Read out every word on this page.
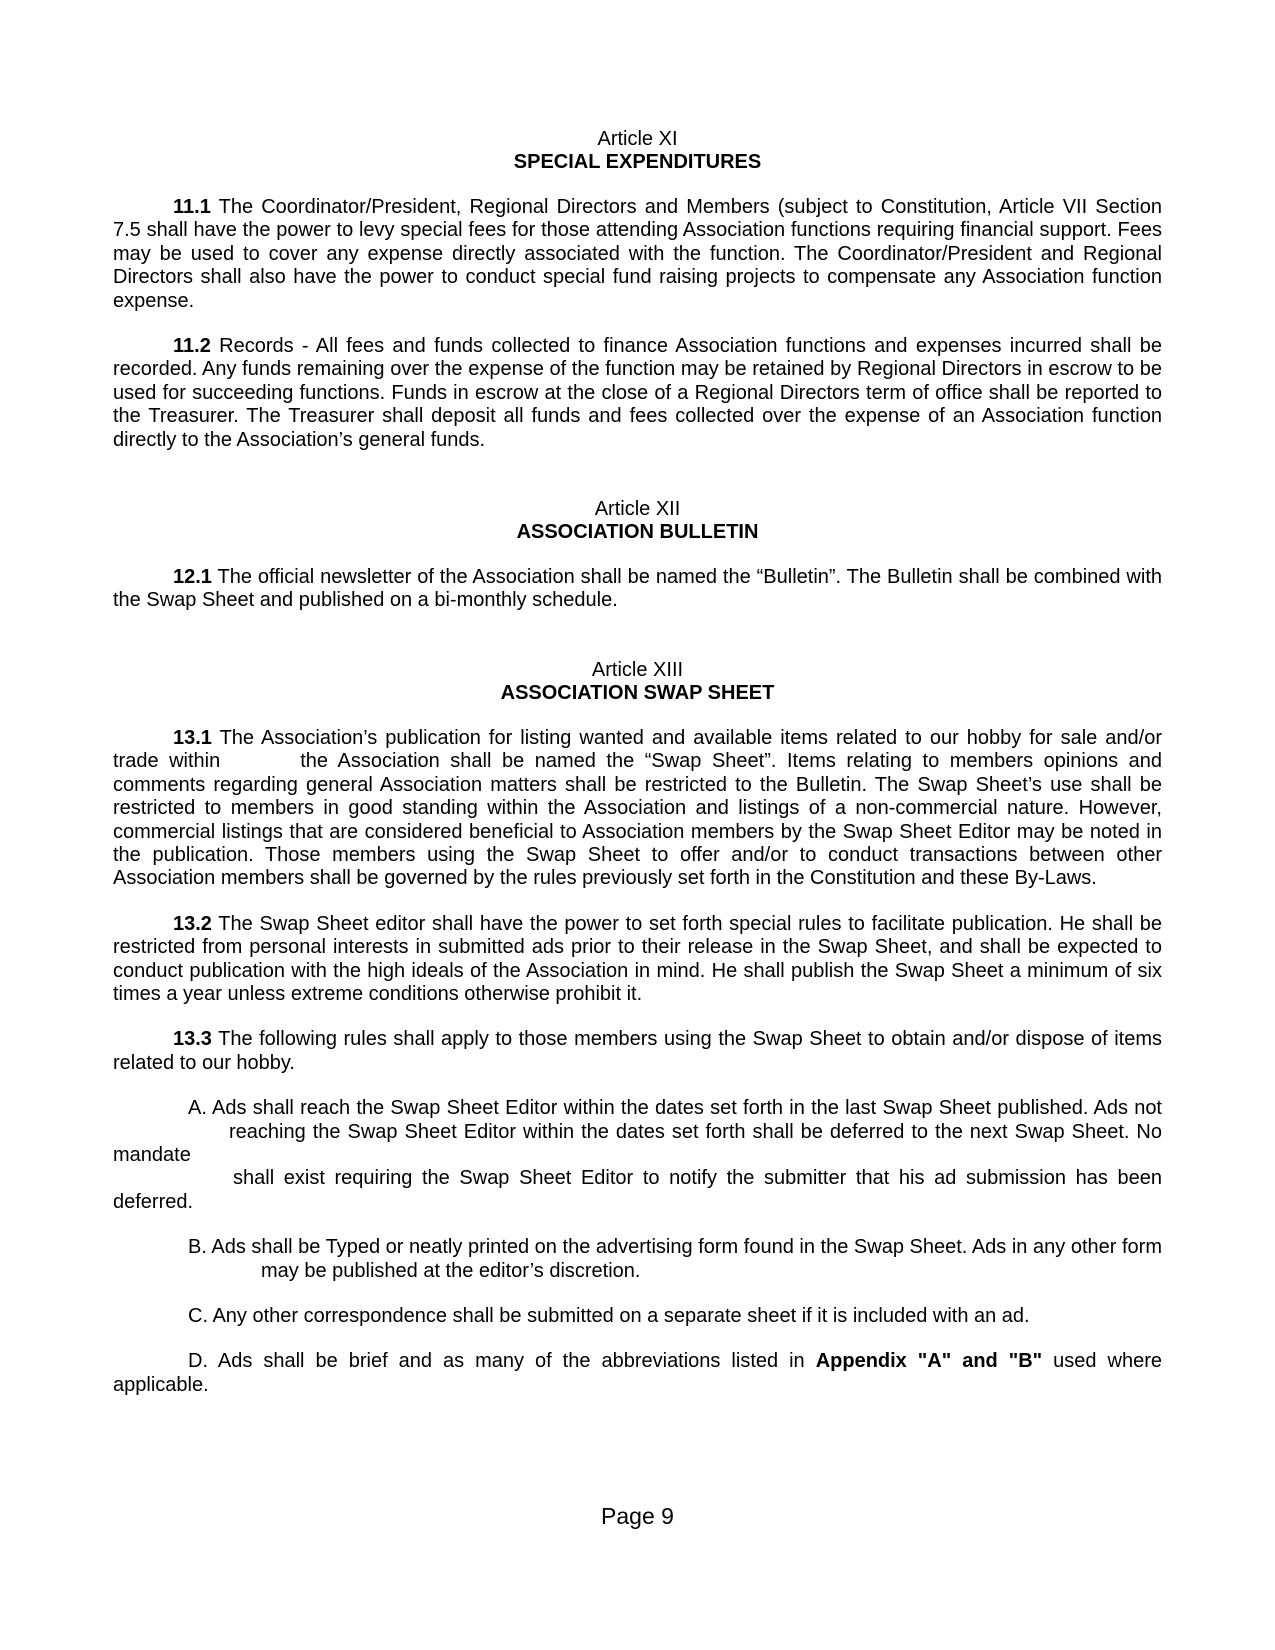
Article XI
SPECIAL EXPENDITURES

11.1 The Coordinator/President, Regional Directors and Members (subject to Constitution, Article VII Section 7.5 shall have the power to levy special fees for those attending Association functions requiring financial support. Fees may be used to cover any expense directly associated with the function. The Coordinator/President and Regional Directors shall also have the power to conduct special fund raising projects to compensate any Association function expense.

11.2 Records - All fees and funds collected to finance Association functions and expenses incurred shall be recorded. Any funds remaining over the expense of the function may be retained by Regional Directors in escrow to be used for succeeding functions. Funds in escrow at the close of a Regional Directors term of office shall be reported to the Treasurer. The Treasurer shall deposit all funds and fees collected over the expense of an Association function directly to the Association’s general funds.

Article XII
ASSOCIATION BULLETIN

12.1 The official newsletter of the Association shall be named the “Bulletin”. The Bulletin shall be combined with the Swap Sheet and published on a bi-monthly schedule.

Article XIII
ASSOCIATION SWAP SHEET

13.1 The Association’s publication for listing wanted and available items related to our hobby for sale and/or trade within	the Association shall be named the “Swap Sheet”. Items relating to members opinions and comments regarding general Association matters shall be restricted to the Bulletin. The Swap Sheet’s use shall be restricted to members in good standing within the Association and listings of a non-commercial nature. However, commercial listings that are considered beneficial to Association members by the Swap Sheet Editor may be noted in the publication. Those members using the Swap Sheet to offer and/or to conduct transactions between other Association members shall be governed by the rules previously set forth in the Constitution and these By-Laws.

13.2 The Swap Sheet editor shall have the power to set forth special rules to facilitate publication. He shall be restricted from personal interests in submitted ads prior to their release in the Swap Sheet, and shall be expected to conduct publication with the high ideals of the Association in mind. He shall publish the Swap Sheet a minimum of six times a year unless extreme conditions otherwise prohibit it.

13.3 The following rules shall apply to those members using the Swap Sheet to obtain and/or dispose of items related to our hobby.

A. Ads shall reach the Swap Sheet Editor within the dates set forth in the last Swap Sheet published. Ads notreaching the Swap Sheet Editor within the dates set forth shall be deferred to the next Swap Sheet. No mandate
shall exist requiring the Swap Sheet Editor to notify the submitter that his ad submission has been deferred.

B. Ads shall be Typed or neatly printed on the advertising form found in the Swap Sheet. Ads in any other formmay be published at the editor’s discretion.

C. Any other correspondence shall be submitted on a separate sheet if it is included with an ad.

D. Ads shall be brief and as many of the abbreviations listed in Appendix "A" and "B" used where applicable.

Page 9
